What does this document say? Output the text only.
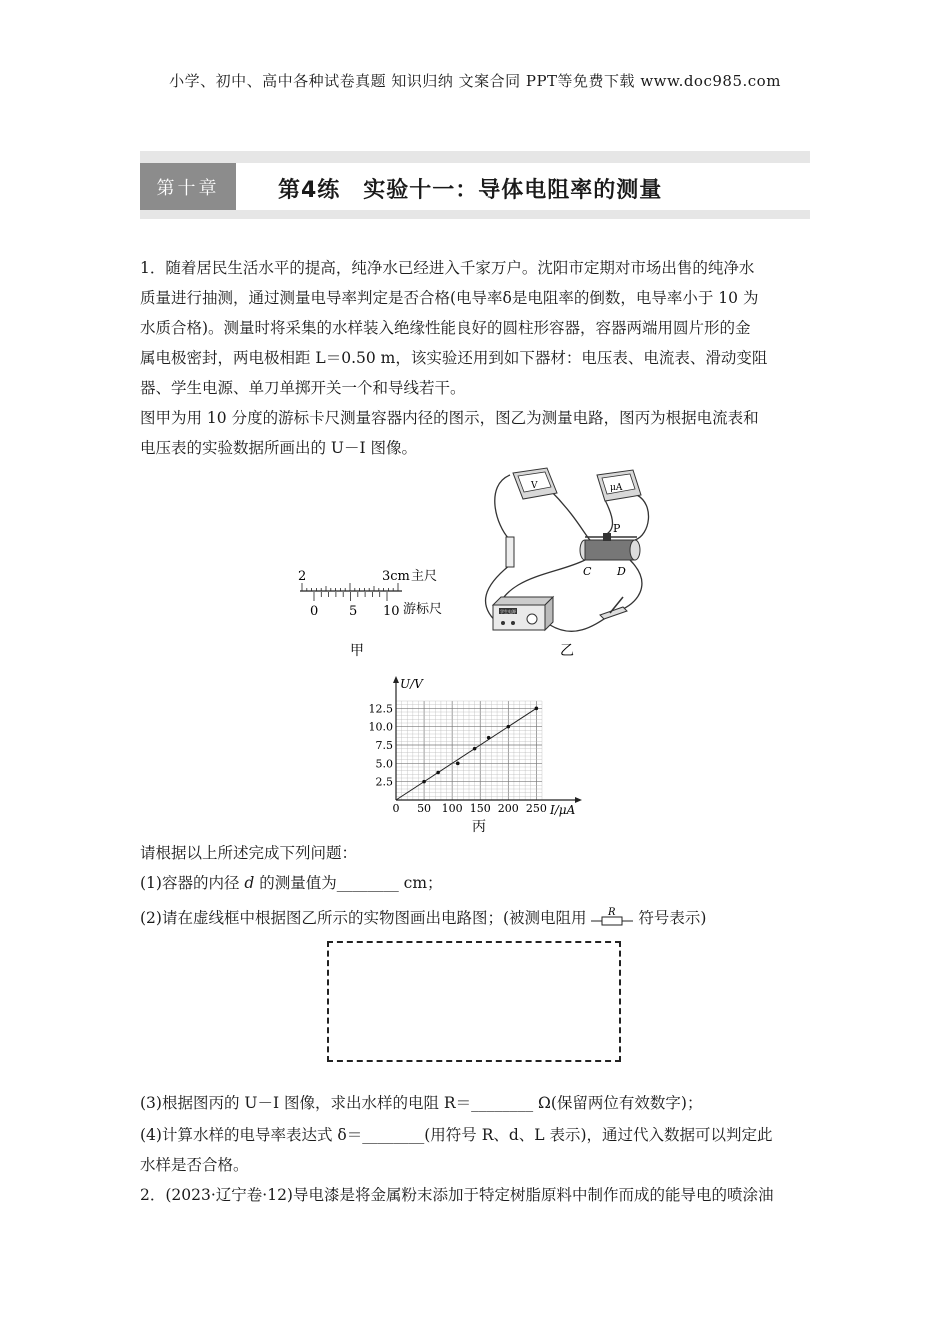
小学、初中、高中各种试卷真题 知识归纳 文案合同 PPT等免费下载 www.doc985.com
第十章	第4练　实验十一：导体电阻率的测量
1．随着居民生活水平的提高，纯净水已经进入千家万户。沈阳市定期对市场出售的纯净水
质量进行抽测，通过测量电导率判定是否合格(电导率δ是电阻率的倒数，电导率小于 10 为
水质合格)。测量时将采集的水样装入绝缘性能良好的圆柱形容器，容器两端用圆片形的金
属电极密封，两电极相距 L＝0.50 m，该实验还用到如下器材：电压表、电流表、滑动变阻
器、学生电源、单刀单掷开关一个和导线若干。
图甲为用 10 分度的游标卡尺测量容器内径的图示，图乙为测量电路，图丙为根据电流表和
电压表的实验数据所画出的 U－I 图像。
2	3cm 主尺
0 5 10 游标尺
甲
V	μA
P
C D
学生电源
乙
U/V
I/μA
0 50 100 150 200 250
2.5
5.0
7.5
10.0
12.5
丙
请根据以上所述完成下列问题：
(1)容器的内径 d 的测量值为________ cm；
(2)请在虚线框中根据图乙所示的实物图画出电路图；(被测电阻用 R 符号表示)
(3)根据图丙的 U－I 图像，求出水样的电阻 R＝________ Ω(保留两位有效数字)；
(4)计算水样的电导率表达式 δ＝________(用符号 R、d、L 表示)，通过代入数据可以判定此
水样是否合格。
2．(2023·辽宁卷·12)导电漆是将金属粉末添加于特定树脂原料中制作而成的能导电的喷涂油
